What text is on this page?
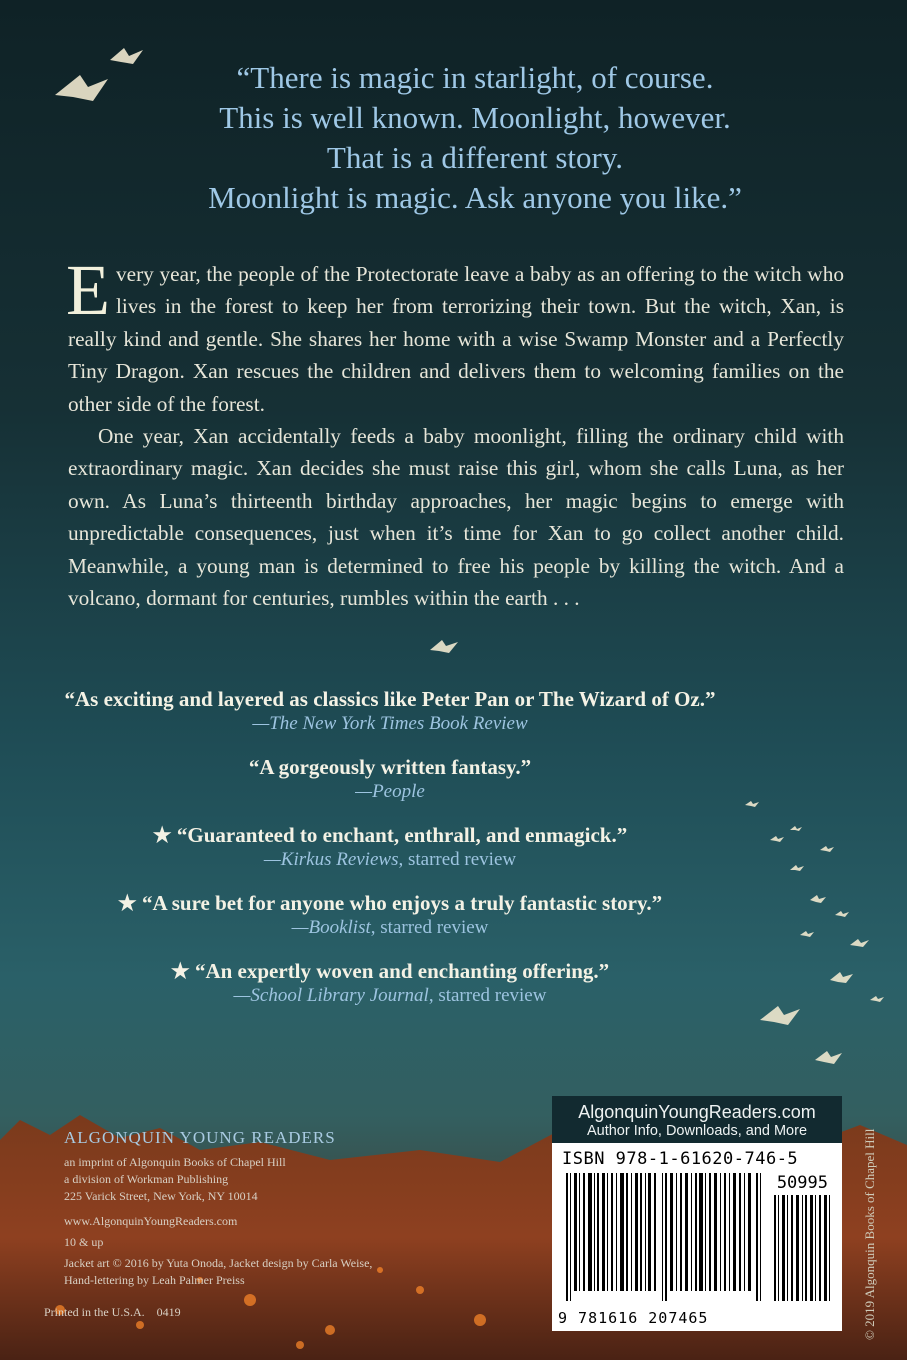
“There is magic in starlight, of course.
This is well known. Moonlight, however.
That is a different story.
Moonlight is magic. Ask anyone you like.”

Every year, the people of the Protectorate leave a baby as an offering to the witch who lives in the forest to keep her from terrorizing their town. But the witch, Xan, is really kind and gentle. She shares her home with a wise Swamp Monster and a Perfectly Tiny Dragon. Xan rescues the children and delivers them to welcoming families on the other side of the forest.

One year, Xan accidentally feeds a baby moonlight, filling the ordinary child with extraordinary magic. Xan decides she must raise this girl, whom she calls Luna, as her own. As Luna’s thirteenth birthday approaches, her magic begins to emerge with unpredictable consequences, just when it’s time for Xan to go collect another child. Meanwhile, a young man is determined to free his people by killing the witch. And a volcano, dormant for centuries, rumbles within the earth . . .

“As exciting and layered as classics like Peter Pan or The Wizard of Oz.”
—The New York Times Book Review
“A gorgeously written fantasy.”
—People
★ “Guaranteed to enchant, enthrall, and enmagick.”
—Kirkus Reviews, starred review
★ “A sure bet for anyone who enjoys a truly fantastic story.”
—Booklist, starred review
★ “An expertly woven and enchanting offering.”
—School Library Journal, starred review
ALGONQUIN YOUNG READERS
an imprint of Algonquin Books of Chapel Hill
a division of Workman Publishing
225 Varick Street, New York, NY 10014
www.AlgonquinYoungReaders.com
10 & up
Jacket art © 2016 by Yuta Onoda, Jacket design by Carla Weise,
Hand-lettering by Leah Palmer Preiss
Printed in the U.S.A. 0419
AlgonquinYoungReaders.com
Author Info, Downloads, and More
ISBN 978-1-61620-746-5
50995
9 781616 207465	© 2019 Algonquin Books of Chapel Hill
